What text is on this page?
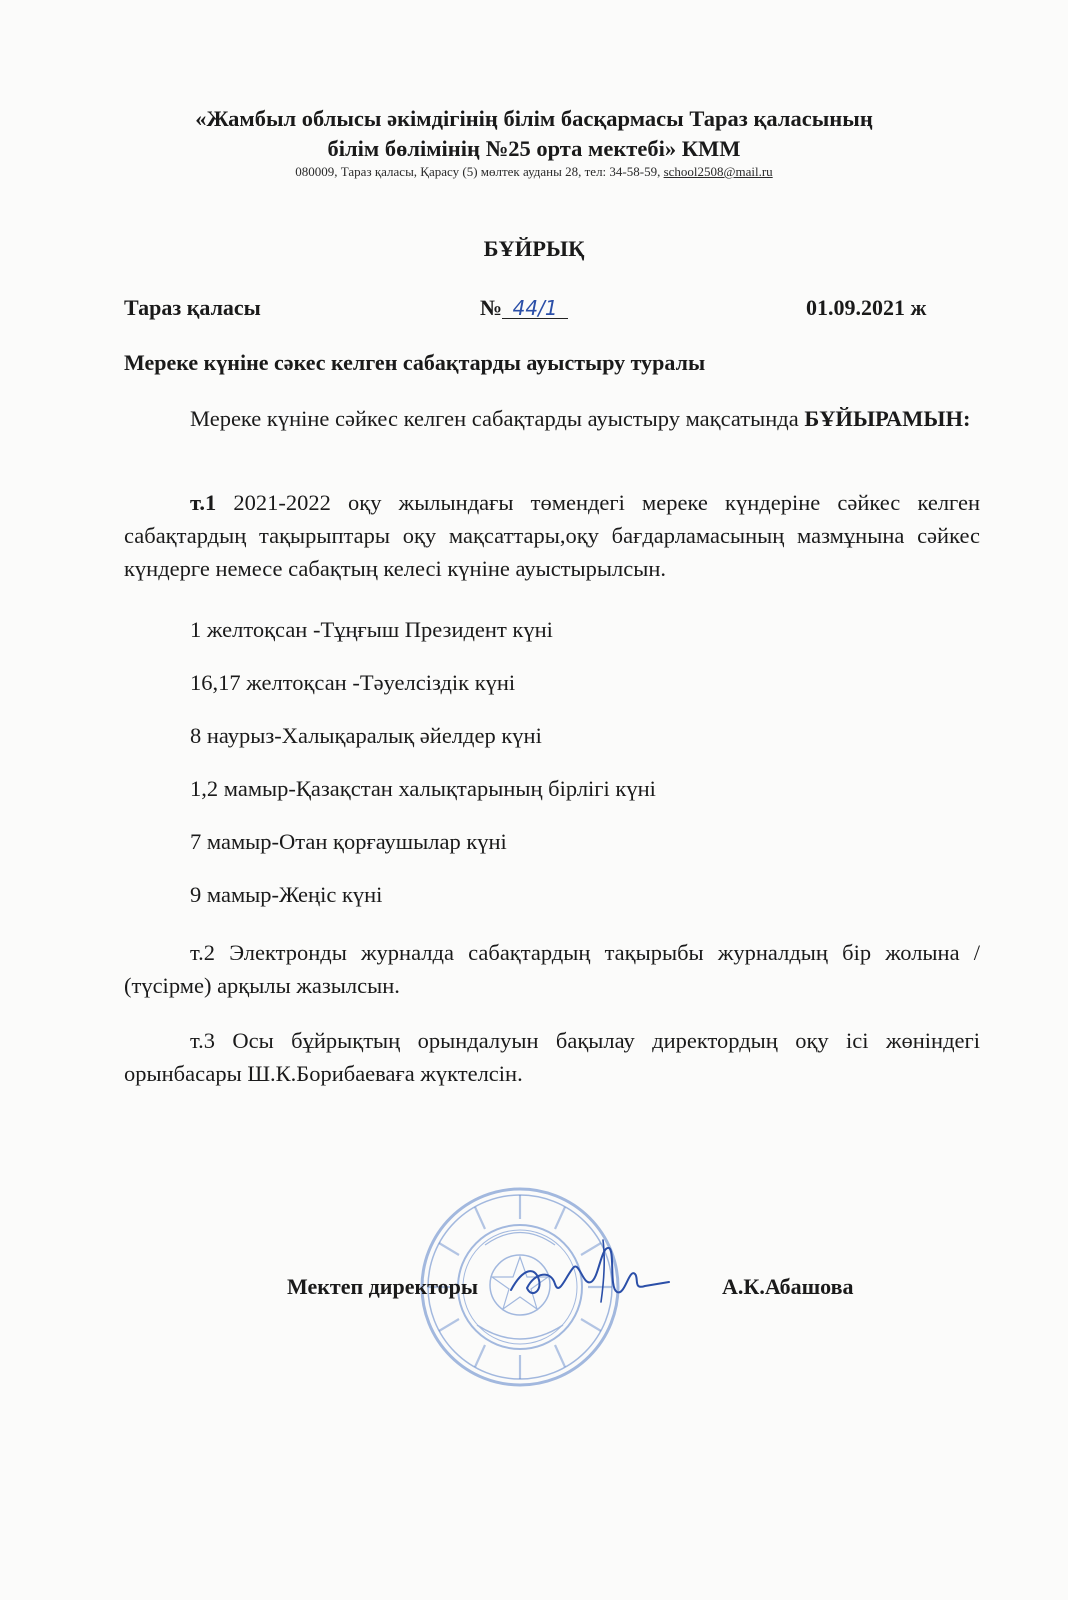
«Жамбыл облысы әкімдігінің білім басқармасы Тараз қаласының
білім бөлімінің №25 орта мектебі» КММ
080009, Тараз қаласы, Қарасу (5) мөлтек ауданы 28, тел: 34-58-59, school2508@mail.ru
БҰЙРЫҚ
Тараз қаласы	№ 44/1	01.09.2021 ж
Мереке күніне сәкес келген сабақтарды ауыстыру туралы
Мереке күніне сәйкес келген сабақтарды ауыстыру мақсатында БҰЙЫРАМЫН:
т.1 2021-2022 оқу жылындағы төмендегі мереке күндеріне сәйкес келген сабақтардың тақырыптары оқу мақсаттары,оқу бағдарламасының мазмұнына сәйкес күндерге немесе сабақтың келесі күніне ауыстырылсын.
1 желтоқсан -Тұңғыш Президент күні
16,17 желтоқсан -Тәуелсіздік күні
8 наурыз-Халықаралық әйелдер күні
1,2 мамыр-Қазақстан халықтарының бірлігі күні
7 мамыр-Отан қорғаушылар күні
9 мамыр-Жеңіс күні
т.2 Электронды журналда сабақтардың тақырыбы журналдың бір жолына / (түсірме) арқылы жазылсын.
т.3 Осы бұйрықтың орындалуын бақылау директордың оқу ісі жөніндегі орынбасары Ш.К.Борибаеваға жүктелсін.
Мектеп директоры	А.К.Абашова
